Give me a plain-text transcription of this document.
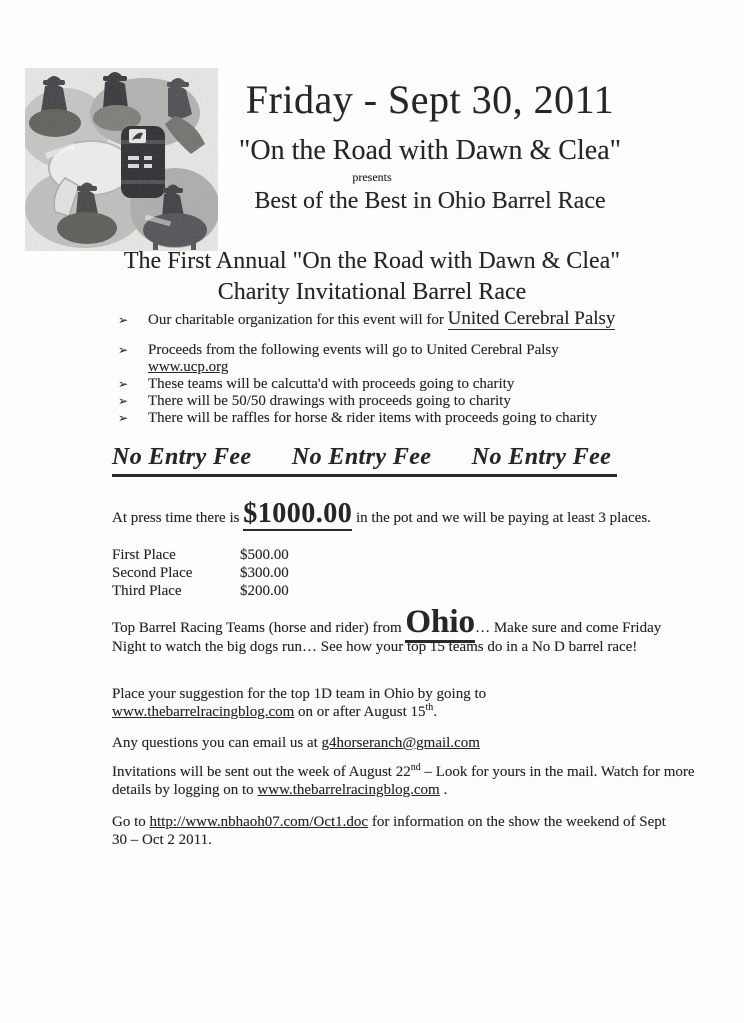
Friday - Sept 30, 2011
"On the Road with Dawn & Clea"
presents
Best of the Best in Ohio Barrel Race
The First Annual "On the Road with Dawn & Clea"
Charity Invitational Barrel Race
➢	Our charitable organization for this event will for United Cerebral Palsy
➢	Proceeds from the following events will go to United Cerebral Palsy
www.ucp.org
➢	These teams will be calcutta'd with proceeds going to charity
➢	There will be 50/50 drawings with proceeds going to charity
➢	There will be raffles for horse & rider items with proceeds going to charity
No Entry Fee No Entry Fee No Entry Fee
At press time there is $1000.00 in the pot and we will be paying at least 3 places.
First Place	$500.00
Second Place	$300.00
Third Place	$200.00
Top Barrel Racing Teams (horse and rider) from Ohio… Make sure and come Friday Night to watch the big dogs run… See how your top 15 teams do in a No D barrel race!
Place your suggestion for the top 1D team in Ohio by going to
www.thebarrelracingblog.com on or after August 15th.
Any questions you can email us at g4horseranch@gmail.com
Invitations will be sent out the week of August 22nd – Look for yours in the mail. Watch for more details by logging on to www.thebarrelracingblog.com .
Go to http://www.nbhaoh07.com/Oct1.doc for information on the show the weekend of Sept 30 – Oct 2 2011.
